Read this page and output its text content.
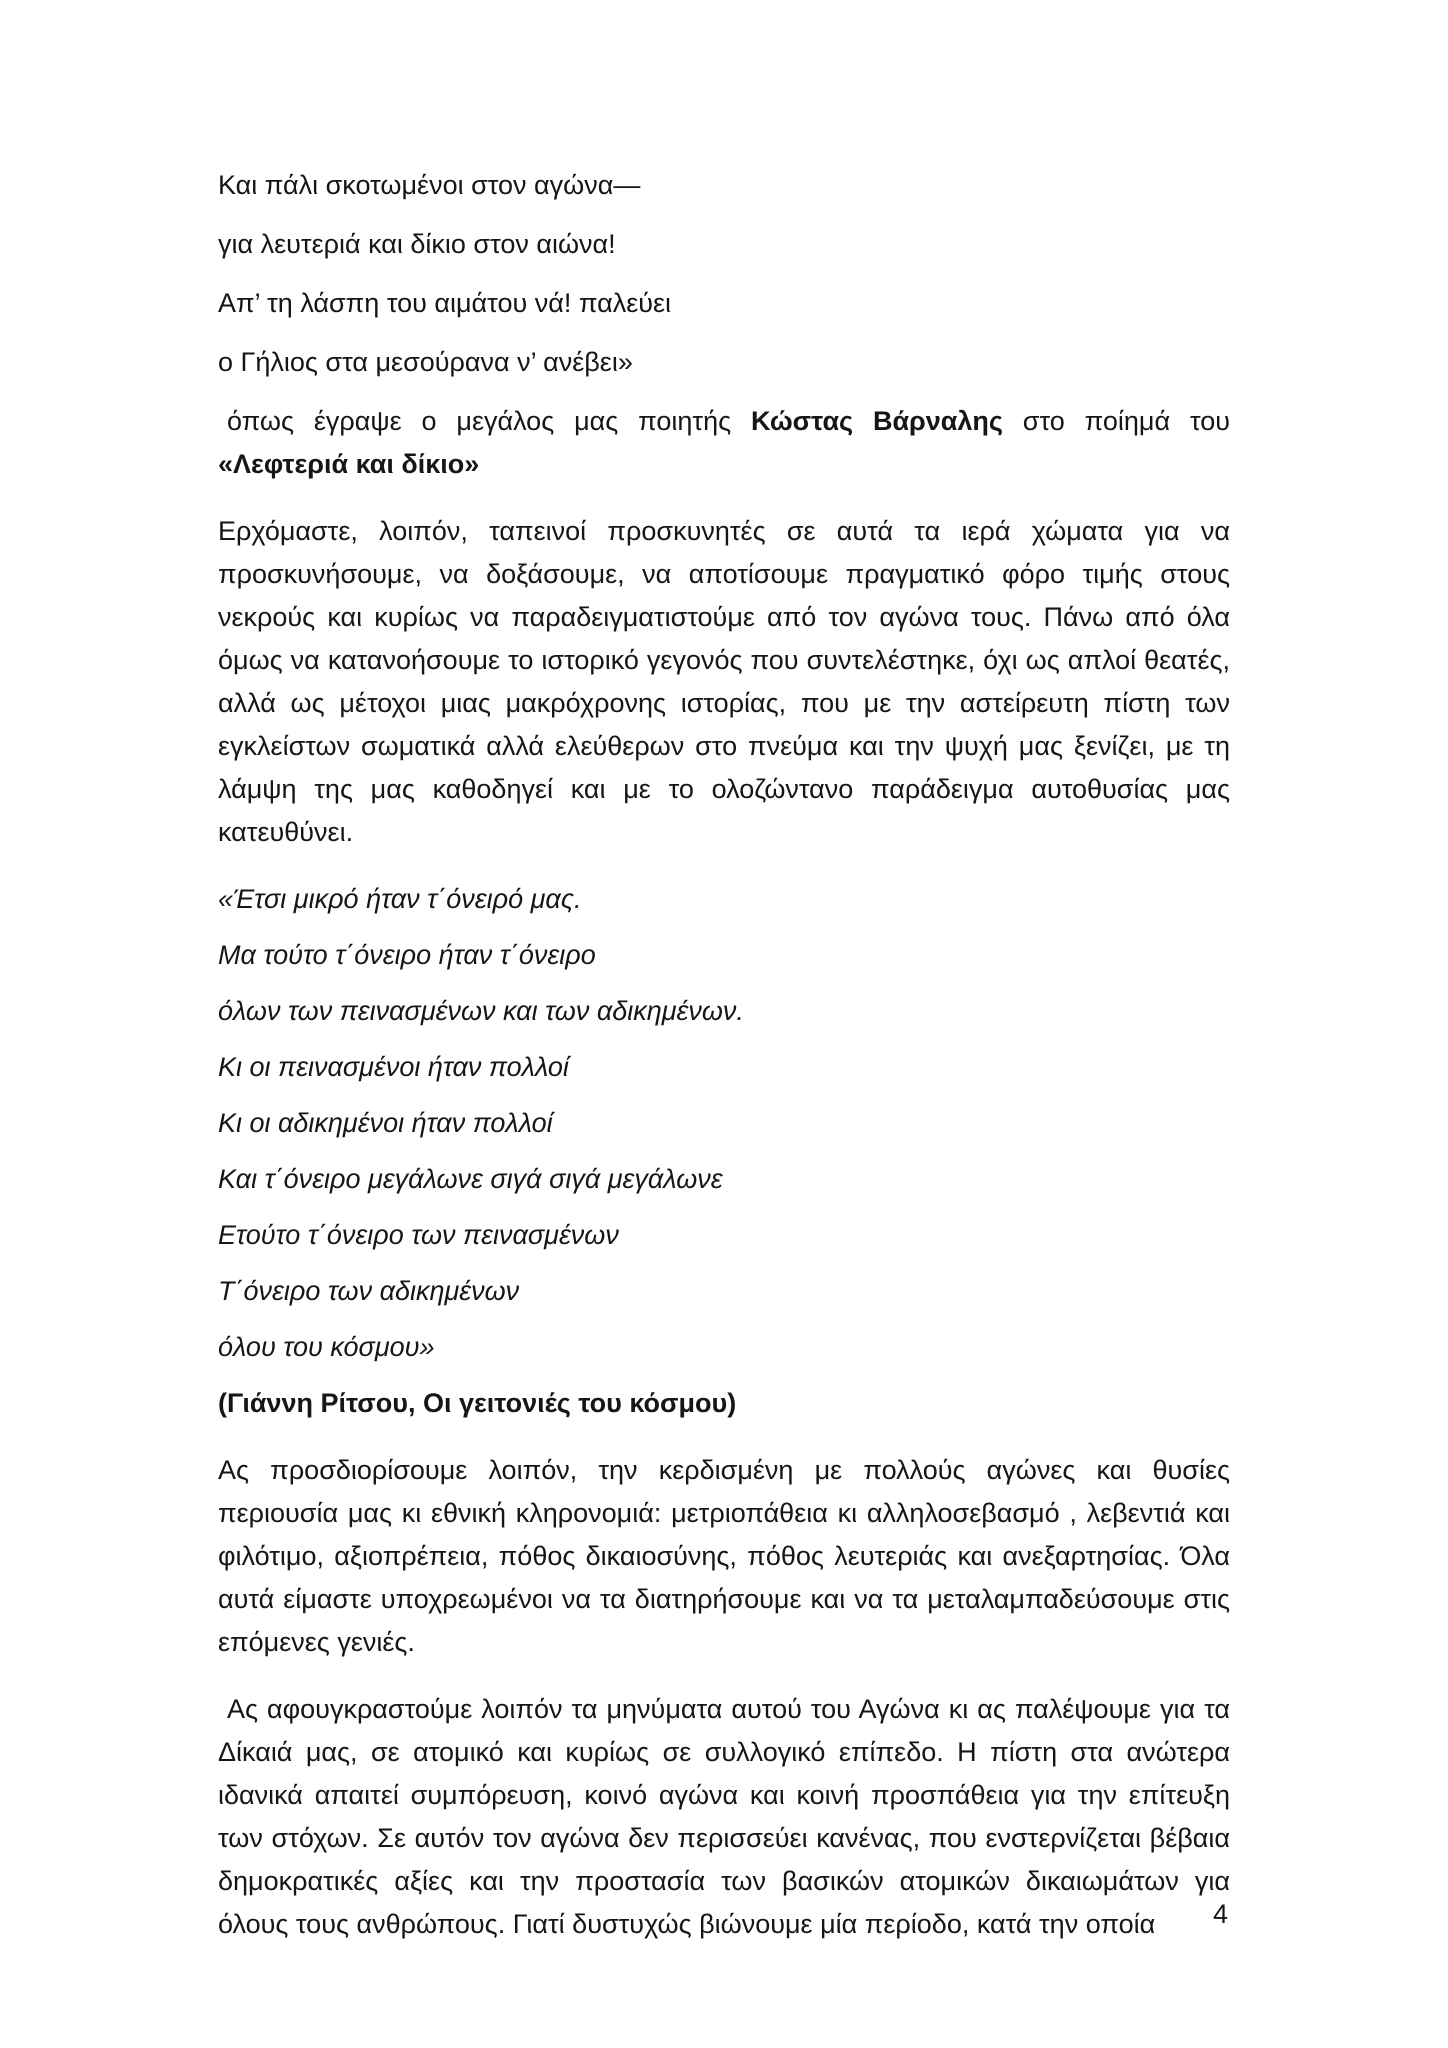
Και πάλι σκοτωμένοι στον αγώνα—

για λευτεριά και δίκιο στον αιώνα!

Απ’ τη λάσπη του αιμάτου νά! παλεύει

ο Γήλιος στα μεσούρανα ν’ ανέβει»

όπως έγραψε ο μεγάλος μας ποιητής Κώστας Βάρναλης στο ποίημά του «Λεφτεριά και δίκιο»

Ερχόμαστε, λοιπόν, ταπεινοί προσκυνητές σε αυτά τα ιερά χώματα για να προσκυνήσουμε, να δοξάσουμε, να αποτίσουμε πραγματικό φόρο τιμής στους νεκρούς και κυρίως να παραδειγματιστούμε από τον αγώνα τους. Πάνω από όλα όμως να κατανοήσουμε το ιστορικό γεγονός που συντελέστηκε, όχι ως απλοί θεατές, αλλά ως μέτοχοι μιας μακρόχρονης ιστορίας, που με την αστείρευτη πίστη των εγκλείστων σωματικά αλλά ελεύθερων στο πνεύμα και την ψυχή μας ξενίζει, με τη λάμψη της μας καθοδηγεί και με το ολοζώντανο παράδειγμα αυτοθυσίας μας κατευθύνει.

«Έτσι μικρό ήταν τ΄όνειρό μας.

Μα τούτο τ΄όνειρο ήταν τ΄όνειρο

όλων των πεινασμένων και των αδικημένων.

Κι οι πεινασμένοι ήταν πολλοί

Κι οι αδικημένοι ήταν πολλοί

Και τ΄όνειρο μεγάλωνε σιγά σιγά μεγάλωνε

Ετούτο τ΄όνειρο των πεινασμένων

Τ΄όνειρο των αδικημένων

όλου του κόσμου»

(Γιάννη Ρίτσου, Οι γειτονιές του κόσμου)

Ας προσδιορίσουμε λοιπόν, την κερδισμένη με πολλούς αγώνες και θυσίες περιουσία μας κι εθνική κληρονομιά: μετριοπάθεια κι αλληλοσεβασμό , λεβεντιά και φιλότιμο, αξιοπρέπεια, πόθος δικαιοσύνης, πόθος λευτεριάς και ανεξαρτησίας. Όλα αυτά είμαστε υποχρεωμένοι να τα διατηρήσουμε και να τα μεταλαμπαδεύσουμε στις επόμενες γενιές.

Ας αφουγκραστούμε λοιπόν τα μηνύματα αυτού του Αγώνα κι ας παλέψουμε για τα Δίκαιά μας, σε ατομικό και κυρίως σε συλλογικό επίπεδο. Η πίστη στα ανώτερα ιδανικά απαιτεί συμπόρευση, κοινό αγώνα και κοινή προσπάθεια για την επίτευξη των στόχων. Σε αυτόν τον αγώνα δεν περισσεύει κανένας, που ενστερνίζεται βέβαια δημοκρατικές αξίες και την προστασία των βασικών ατομικών δικαιωμάτων για όλους τους ανθρώπους. Γιατί δυστυχώς βιώνουμε μία περίοδο, κατά την οποία	4
